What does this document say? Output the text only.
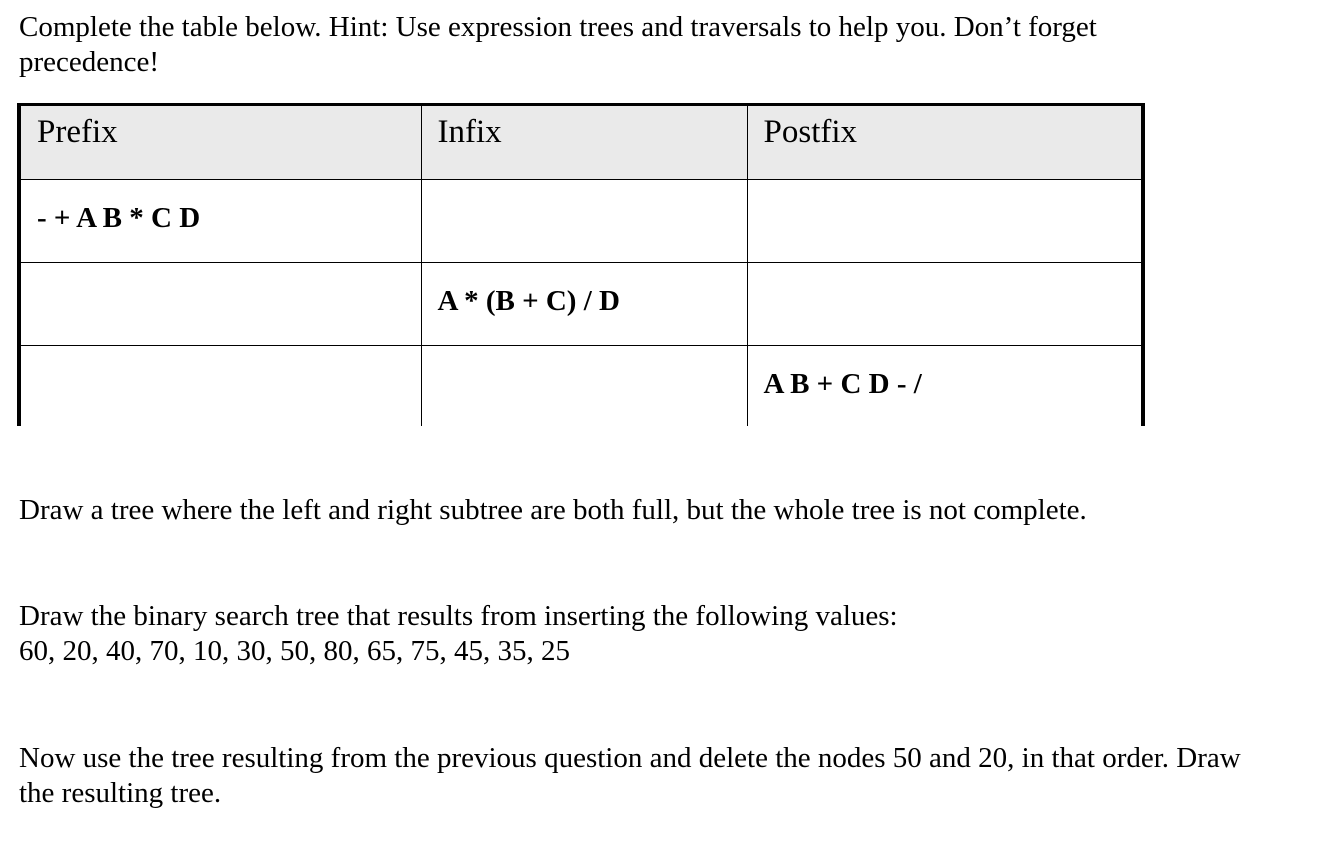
Complete the table below. Hint: Use expression trees and traversals to help you. Don’t forget
precedence!
Prefix	Infix	Postfix
- + A B * C D		
	A * (B + C) / D	
		A B + C D - /
Draw a tree where the left and right subtree are both full, but the whole tree is not complete.
Draw the binary search tree that results from inserting the following values:
60, 20, 40, 70, 10, 30, 50, 80, 65, 75, 45, 35, 25
Now use the tree resulting from the previous question and delete the nodes 50 and 20, in that order. Draw
the resulting tree.
